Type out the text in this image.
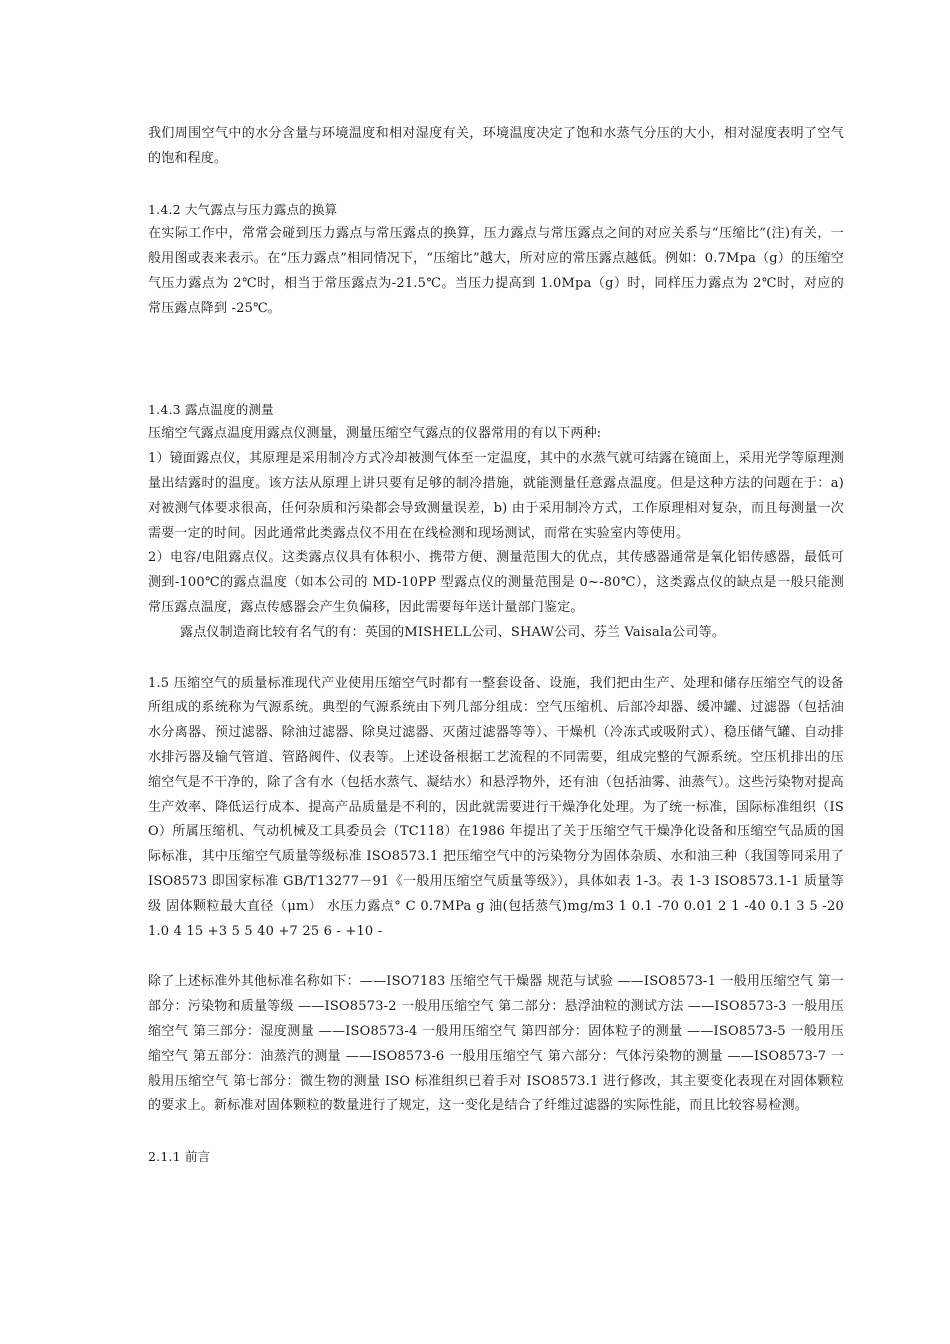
我们周围空气中的水分含量与环境温度和相对湿度有关，环境温度决定了饱和水蒸气分压的大小，相对湿度表明了空气的饱和程度。

1.4.2 大气露点与压力露点的换算

在实际工作中，常常会碰到压力露点与常压露点的换算，压力露点与常压露点之间的对应关系与“压缩比”(注)有关，一般用图或表来表示。在“压力露点”相同情况下，“压缩比”越大，所对应的常压露点越低。例如：0.7Mpa（g）的压缩空气压力露点为 2℃时，相当于常压露点为-21.5℃。当压力提高到 1.0Mpa（g）时，同样压力露点为 2℃时，对应的常压露点降到 -25℃。

1.4.3 露点温度的测量

压缩空气露点温度用露点仪测量，测量压缩空气露点的仪器常用的有以下两种:

1）镜面露点仪，其原理是采用制冷方式冷却被测气体至一定温度，其中的水蒸气就可结露在镜面上，采用光学等原理测量出结露时的温度。该方法从原理上讲只要有足够的制冷措施，就能测量任意露点温度。但是这种方法的问题在于：a) 对被测气体要求很高，任何杂质和污染都会导致测量误差，b) 由于采用制冷方式，工作原理相对复杂，而且每测量一次需要一定的时间。因此通常此类露点仪不用在在线检测和现场测试，而常在实验室内等使用。

2）电容/电阻露点仪。这类露点仪具有体积小、携带方便、测量范围大的优点，其传感器通常是氧化铝传感器，最低可测到-100℃的露点温度（如本公司的 MD-10PP 型露点仪的测量范围是 0~-80℃），这类露点仪的缺点是一般只能测常压露点温度，露点传感器会产生负偏移，因此需要每年送计量部门鉴定。

露点仪制造商比较有名气的有：英国的MISHELL公司、SHAW公司、芬兰 Vaisala公司等。

1.5 压缩空气的质量标准现代产业使用压缩空气时都有一整套设备、设施，我们把由生产、处理和储存压缩空气的设备所组成的系统称为气源系统。典型的气源系统由下列几部分组成：空气压缩机、后部冷却器、缓冲罐、过滤器（包括油水分离器、预过滤器、除油过滤器、除臭过滤器、灭菌过滤器等等）、干燥机（冷冻式或吸附式）、稳压储气罐、自动排水排污器及输气管道、管路阀件、仪表等。上述设备根据工艺流程的不同需要，组成完整的气源系统。空压机排出的压缩空气是不干净的，除了含有水（包括水蒸气、凝结水）和悬浮物外，还有油（包括油雾、油蒸气）。这些污染物对提高生产效率、降低运行成本、提高产品质量是不利的，因此就需要进行干燥净化处理。为了统一标准，国际标准组织（ISO）所属压缩机、气动机械及工具委员会（TC118）在1986 年提出了关于压缩空气干燥净化设备和压缩空气品质的国际标准，其中压缩空气质量等级标准 ISO8573.1 把压缩空气中的污染物分为固体杂质、水和油三种（我国等同采用了 ISO8573 即国家标准 GB/T13277－91《一般用压缩空气质量等级》），具体如表 1-3。表 1-3 ISO8573.1-1 质量等级 固体颗粒最大直径（μm） 水压力露点° C 0.7MPa g 油(包括蒸气)mg/m3 1 0.1 -70 0.01 2 1 -40 0.1 3 5 -20 1.0 4 15 +3 5 5 40 +7 25 6 - +10 -

除了上述标准外其他标准名称如下：——ISO7183 压缩空气干燥器 规范与试验 ——ISO8573-1 一般用压缩空气 第一部分：污染物和质量等级 ——ISO8573-2 一般用压缩空气 第二部分：悬浮油粒的测试方法 ——ISO8573-3 一般用压缩空气 第三部分：湿度测量 ——ISO8573-4 一般用压缩空气 第四部分：固体粒子的测量 ——ISO8573-5 一般用压缩空气 第五部分：油蒸汽的测量 ——ISO8573-6 一般用压缩空气 第六部分：气体污染物的测量 ——ISO8573-7 一般用压缩空气 第七部分：微生物的测量 ISO 标准组织已着手对 ISO8573.1 进行修改，其主要变化表现在对固体颗粒的要求上。新标准对固体颗粒的数量进行了规定，这一变化是结合了纤维过滤器的实际性能，而且比较容易检测。

2.1.1 前言
